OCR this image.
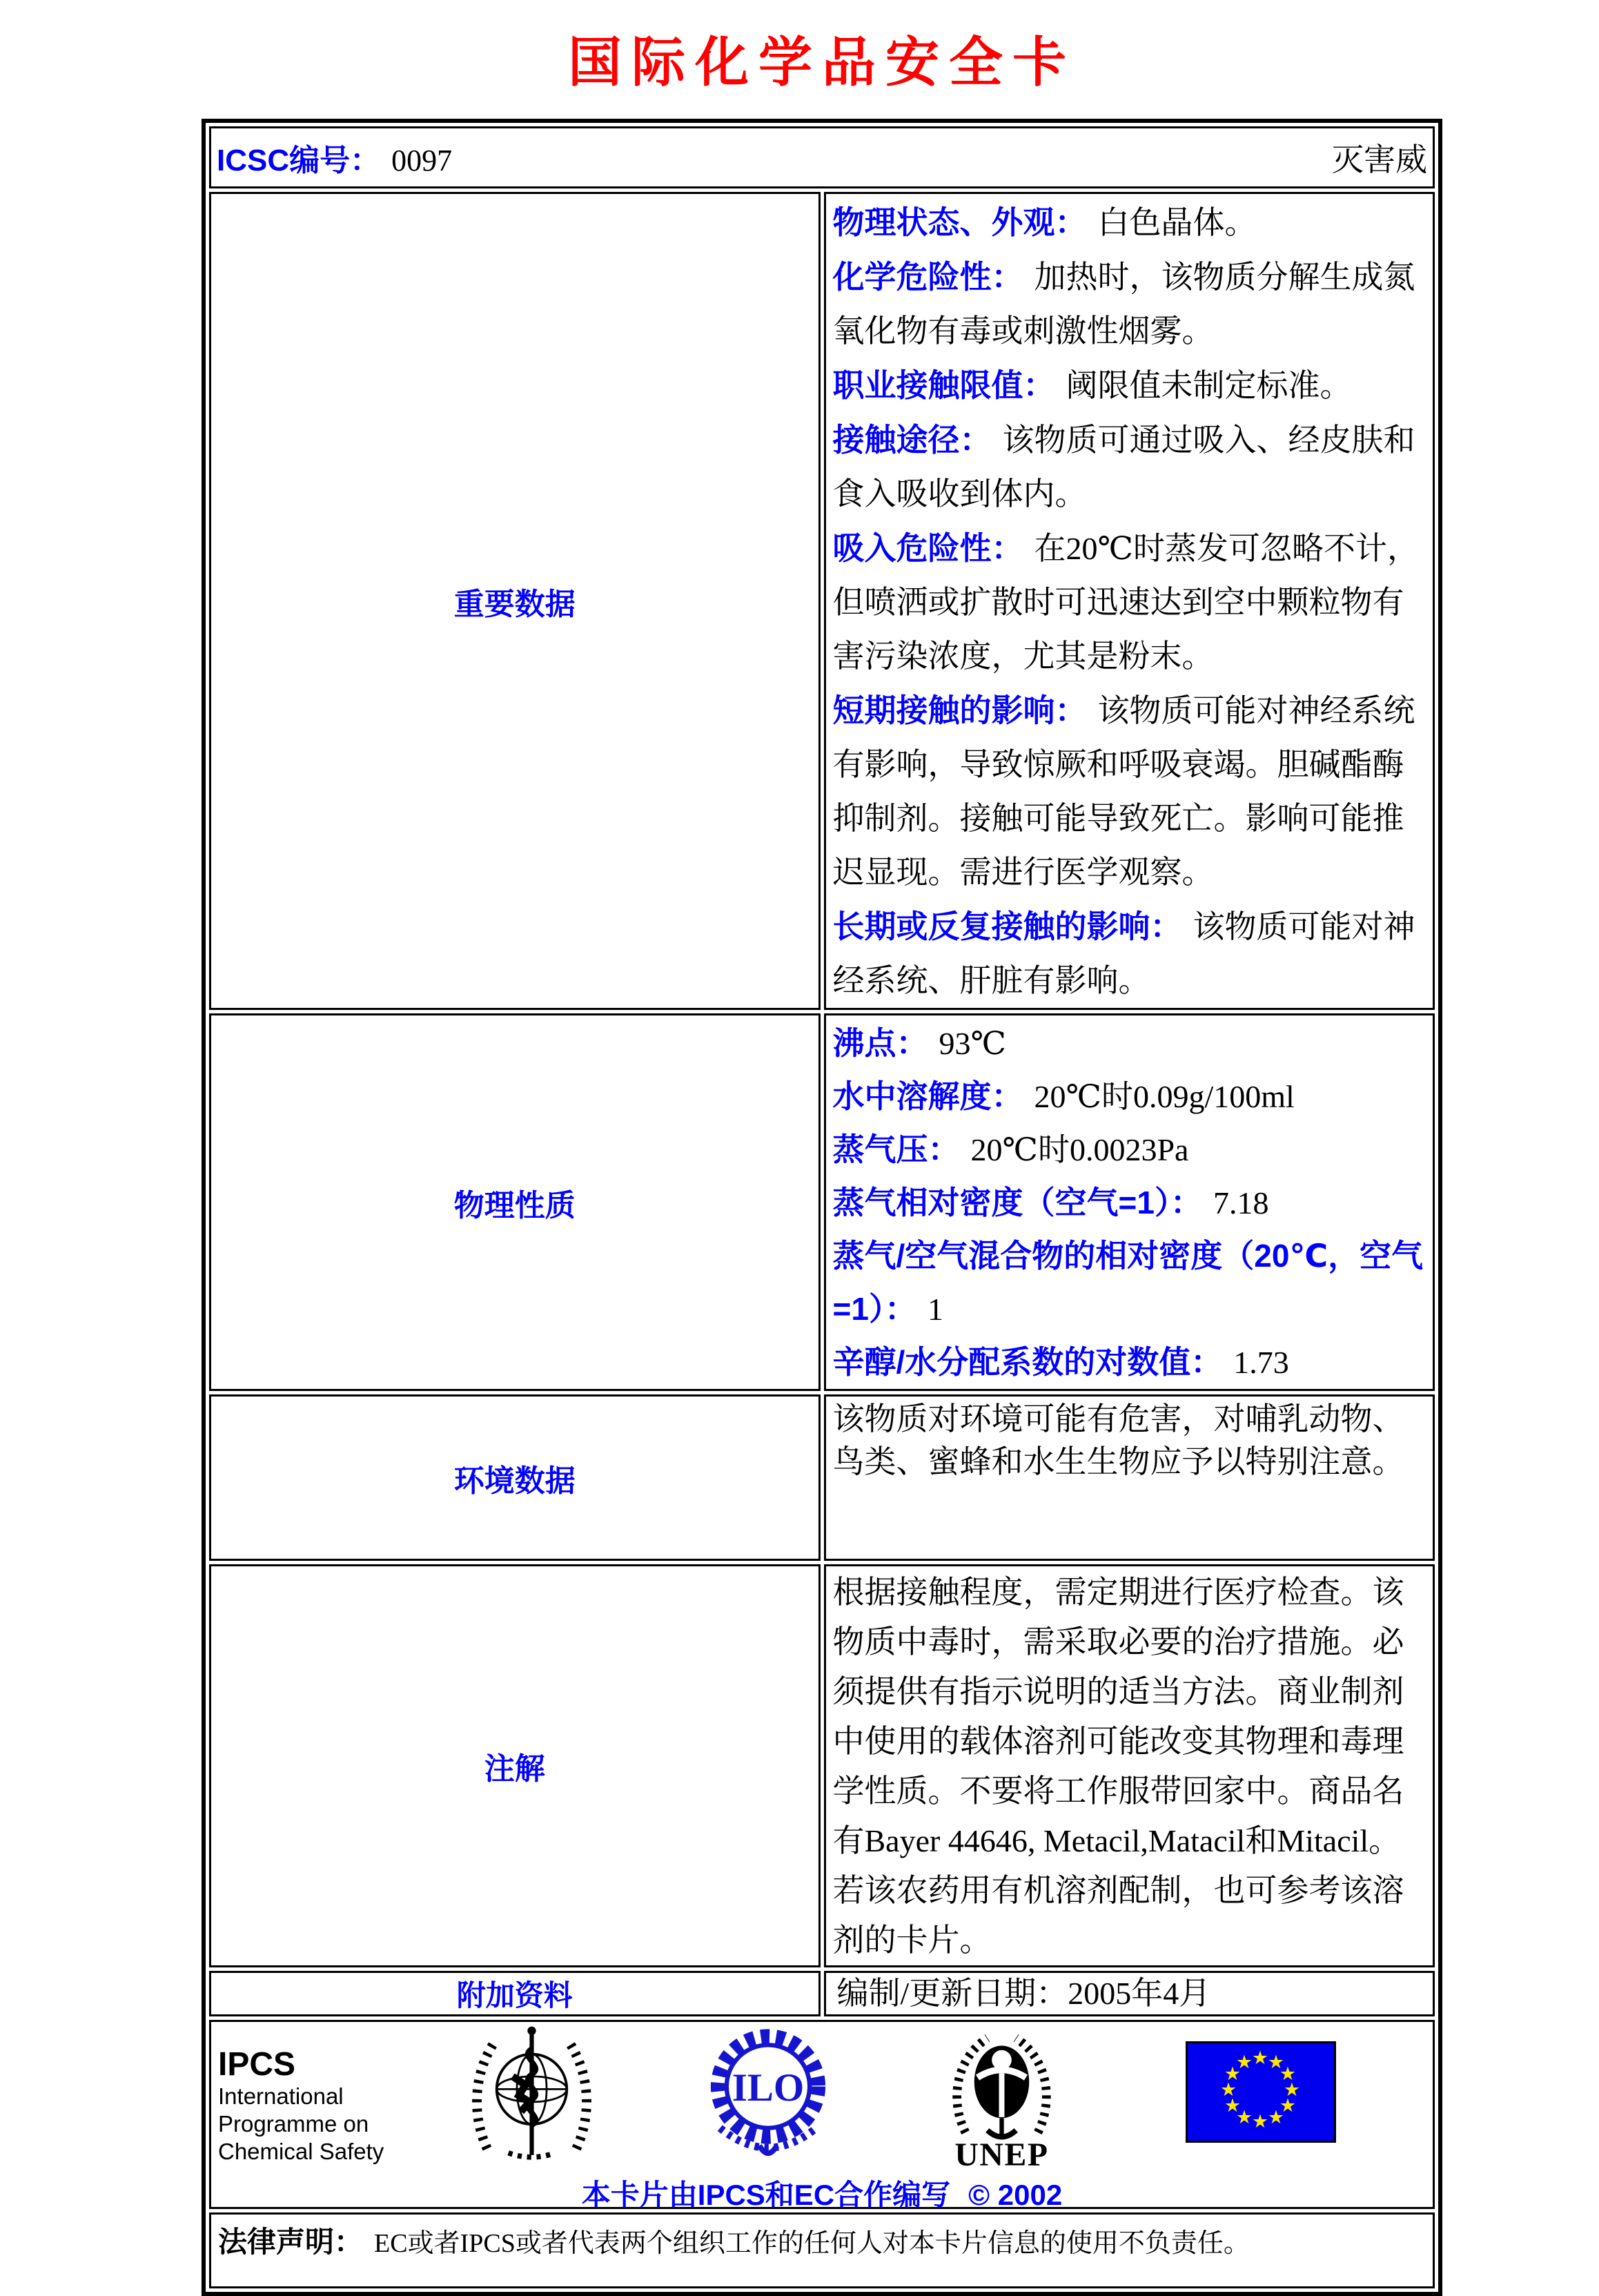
国际化学品安全卡
ICSC编号： 0097 灭害威	

重要数据	

物理状态、外观： 白色晶体。

化学危险性： 加热时，该物质分解生成氮氧化物有毒或刺激性烟雾。

职业接触限值： 阈限值未制定标准。

接触途径： 该物质可通过吸入、经皮肤和食入吸收到体内。

吸入危险性： 在20℃时蒸发可忽略不计，但喷洒或扩散时可迅速达到空中颗粒物有害污染浓度，尤其是粉末。

短期接触的影响： 该物质可能对神经系统有影响，导致惊厥和呼吸衰竭。胆碱酯酶抑制剂。接触可能导致死亡。影响可能推迟显现。需进行医学观察。

长期或反复接触的影响： 该物质可能对神经系统、肝脏有影响。

物理性质	

沸点： 93℃

水中溶解度： 20℃时0.09g/100ml

蒸气压： 20℃时0.0023Pa

蒸气相对密度（空气=1）： 7.18

蒸气/空气混合物的相对密度（20℃，空气=1）： 1

辛醇/水分配系数的对数值： 1.73

环境数据	该物质对环境可能有危害，对哺乳动物、鸟类、蜜蜂和水生生物应予以特别注意。

注解	根据接触程度，需定期进行医疗检查。该物质中毒时，需采取必要的治疗措施。必须提供有指示说明的适当方法。商业制剂中使用的载体溶剂可能改变其物理和毒理学性质。不要将工作服带回家中。商品名有Bayer 44646, Metacil,Matacil和Mitacil。若该农药用有机溶剂配制，也可参考该溶剂的卡片。

附加资料	编制/更新日期：2005年4月

IPCS
International
Programme on
Chemical Safety
ILO
UNEP
★
★
★
★
★
★
★
★
★
★
★
★
本卡片由IPCS和EC合作编写 © 2002

法律声明： EC或者IPCS或者代表两个组织工作的任何人对本卡片信息的使用不负责任。	
